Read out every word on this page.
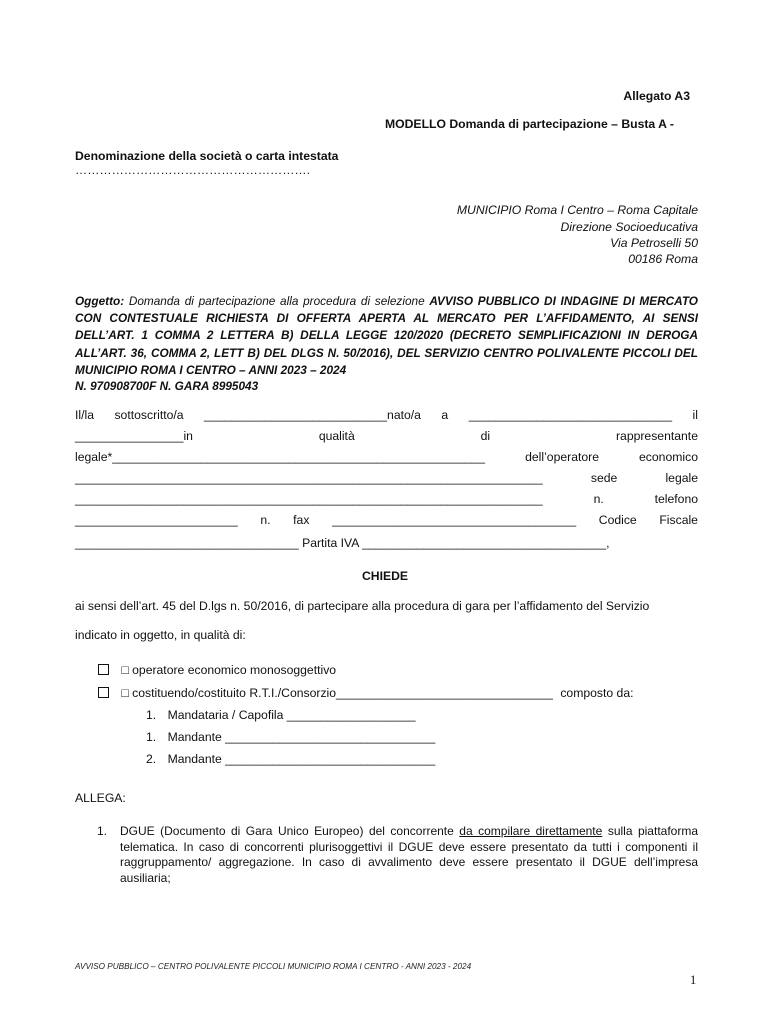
Allegato A3
MODELLO Domanda di partecipazione – Busta A -
Denominazione della società o carta intestata
………………………………………………….
MUNICIPIO Roma I Centro – Roma Capitale
Direzione Socioeducativa
Via Petroselli 50
00186 Roma
Oggetto: Domanda di partecipazione alla procedura di selezione AVVISO PUBBLICO DI INDAGINE DI MERCATO CON CONTESTUALE RICHIESTA DI OFFERTA APERTA AL MERCATO PER L’AFFIDAMENTO, AI SENSI DELL’ART. 1 COMMA 2 LETTERA B) DELLA LEGGE 120/2020 (DECRETO SEMPLIFICAZIONI IN DEROGA ALL’ART. 36, COMMA 2, LETT B) DEL DLGS N. 50/2016), DEL SERVIZIO CENTRO POLIVALENTE PICCOLI DEL MUNICIPIO ROMA I CENTRO – ANNI 2023 – 2024
N. 970908700F N. GARA 8995043
Il/la sottoscritto/a ___________________________nato/a a ______________________________ il
________________in	qualità	di	rappresentante
legale*_______________________________________________________	dell’operatore	economico
_____________________________________________________________________	sede	legale
_____________________________________________________________________	n.	telefono
________________________ n. fax ____________________________________ Codice Fiscale
_________________________________ Partita IVA ____________________________________,
CHIEDE
ai sensi dell’art. 45 del D.lgs n. 50/2016, di partecipare alla procedura di gara per l’affidamento del Servizio
indicato in oggetto, in qualità di:
□ operatore economico monosoggettivo
□ costituendo/costituito R.T.I./Consorzio________________________________ composto da:
1. Mandataria / Capofila ___________________
1. Mandante _______________________________
2. Mandante _______________________________
ALLEGA:
1. DGUE (Documento di Gara Unico Europeo) del concorrente da compilare direttamente sulla piattaforma telematica. In caso di concorrenti plurisoggettivi il DGUE deve essere presentato da tutti i componenti il raggruppamento/ aggregazione. In caso di avvalimento deve essere presentato il DGUE dell’impresa ausiliaria;
AVVISO PUBBLICO – CENTRO POLIVALENTE PICCOLI MUNICIPIO ROMA I CENTRO - ANNI 2023 - 2024
1
